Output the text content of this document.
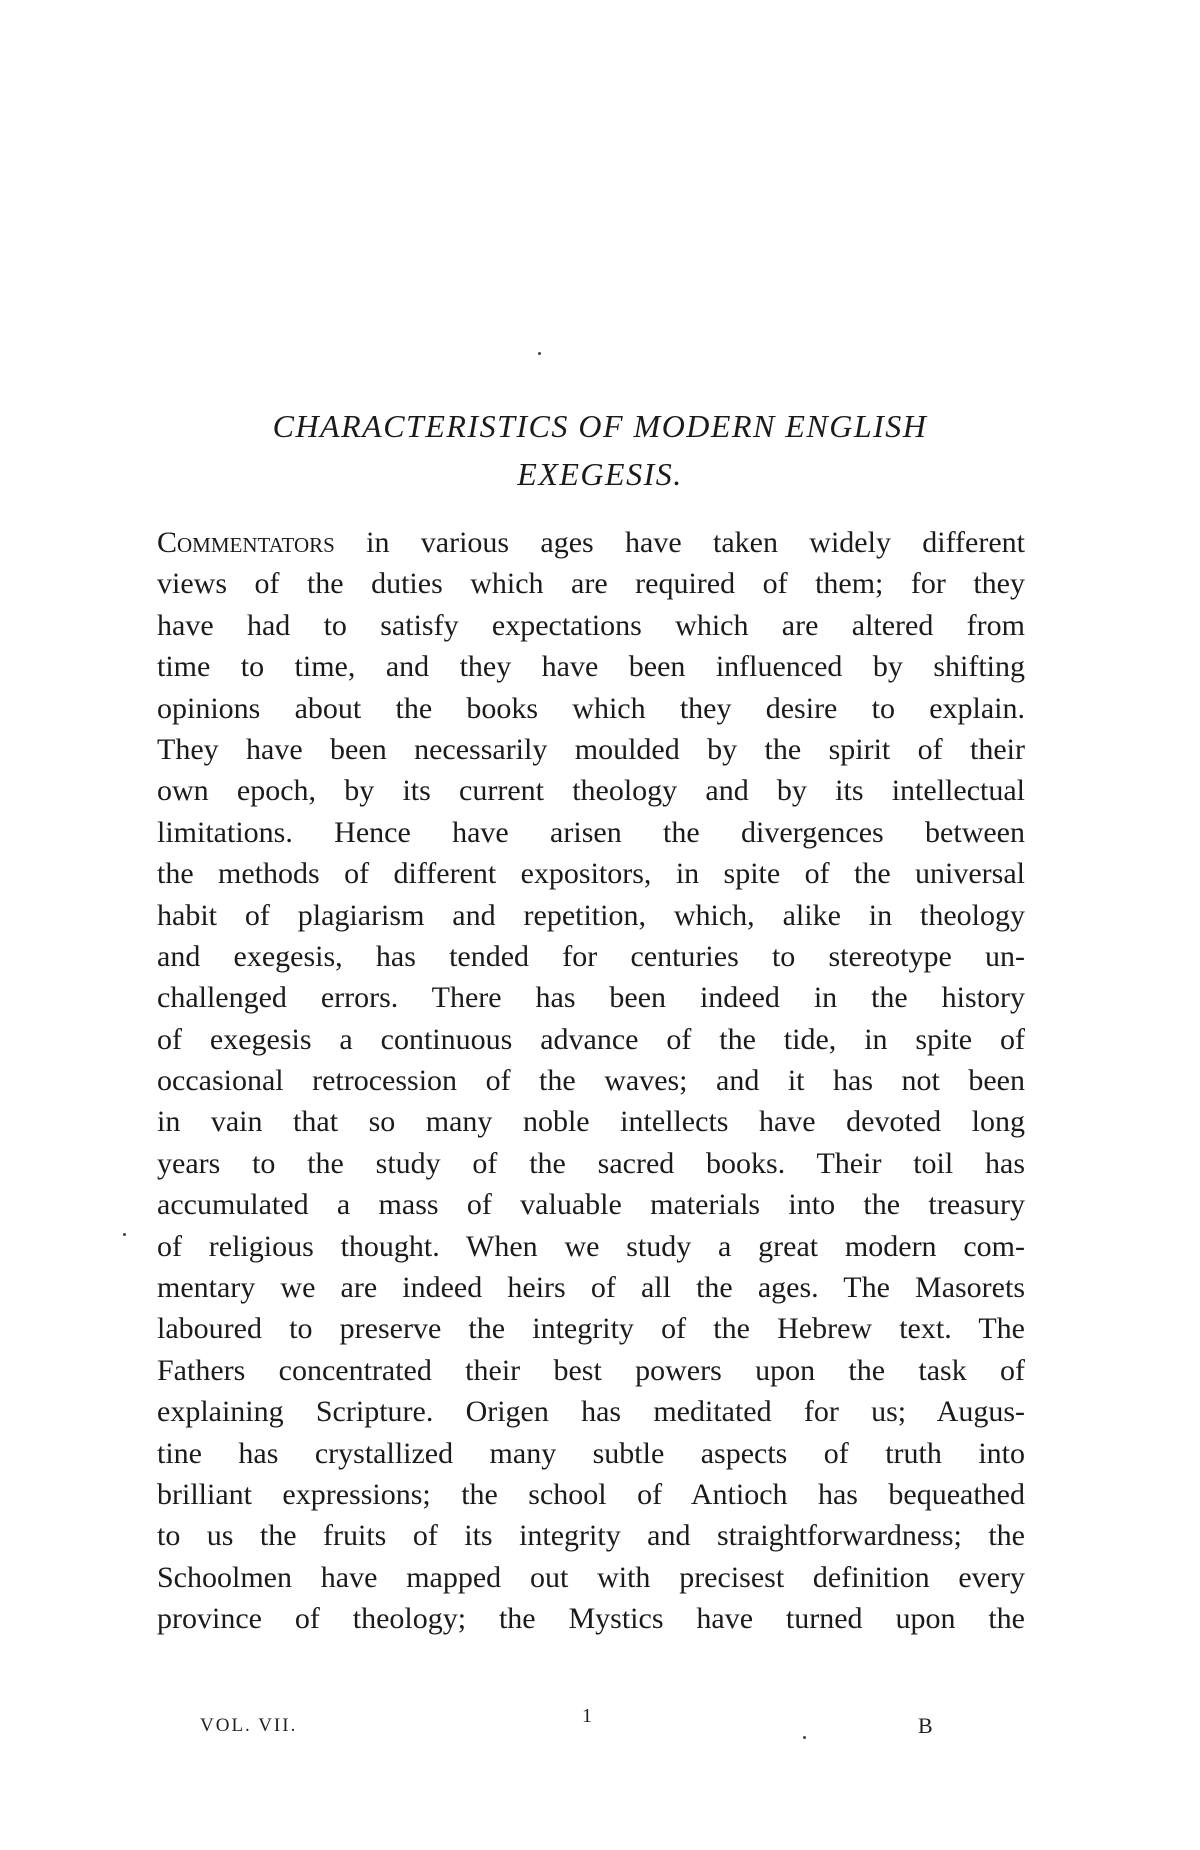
CHARACTERISTICS OF MODERN ENGLISH
EXEGESIS.
Commentators in various ages have taken widely different
views of the duties which are required of them; for they
have had to satisfy expectations which are altered from
time to time, and they have been influenced by shifting
opinions about the books which they desire to explain.
They have been necessarily moulded by the spirit of their
own epoch, by its current theology and by its intellectual
limitations. Hence have arisen the divergences between
the methods of different expositors, in spite of the universal
habit of plagiarism and repetition, which, alike in theology
and exegesis, has tended for centuries to stereotype un-
challenged errors. There has been indeed in the history
of exegesis a continuous advance of the tide, in spite of
occasional retrocession of the waves; and it has not been
in vain that so many noble intellects have devoted long
years to the study of the sacred books. Their toil has
accumulated a mass of valuable materials into the treasury
of religious thought. When we study a great modern com-
mentary we are indeed heirs of all the ages. The Masorets
laboured to preserve the integrity of the Hebrew text. The
Fathers concentrated their best powers upon the task of
explaining Scripture. Origen has meditated for us; Augus-
tine has crystallized many subtle aspects of truth into
brilliant expressions; the school of Antioch has bequeathed
to us the fruits of its integrity and straightforwardness; the
Schoolmen have mapped out with precisest definition every
province of theology; the Mystics have turned upon the
VOL. VII.	1	B
